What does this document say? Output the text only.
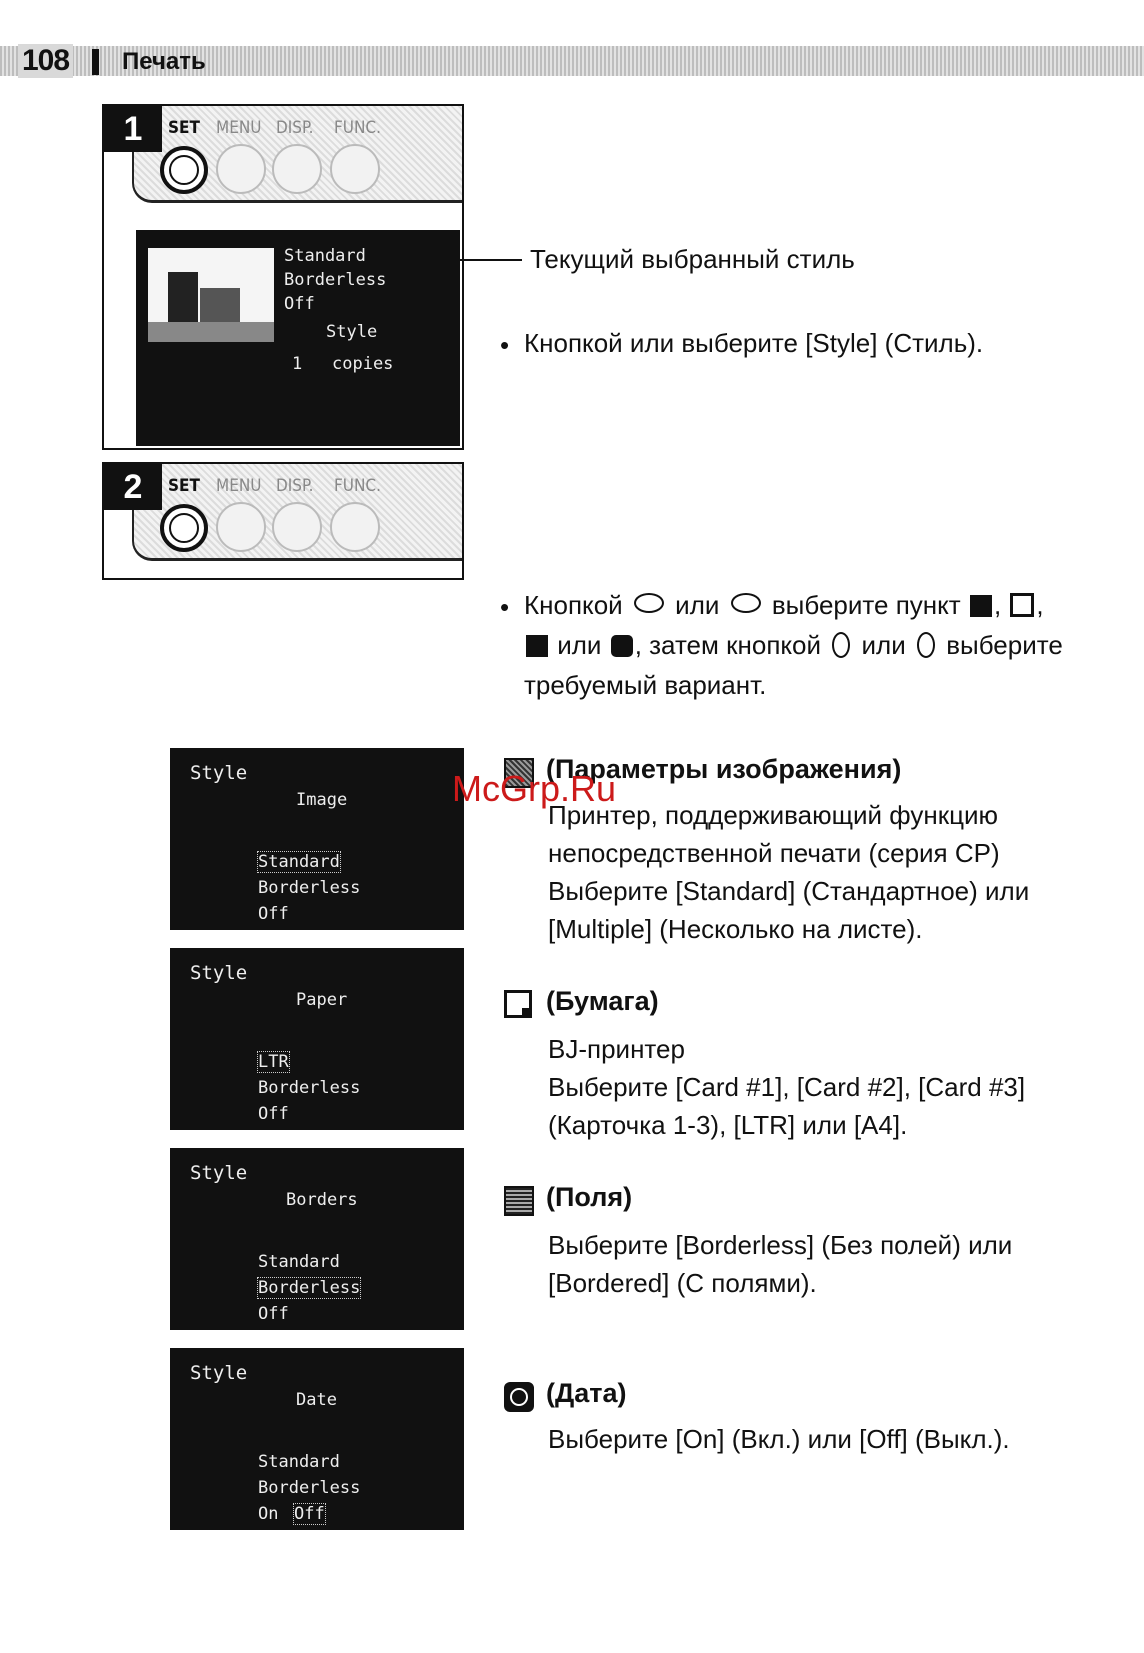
108 Печать
1	SET MENU DISP. FUNC.
Standard
Borderless
Off
Style
1 copies
Текущий выбранный стиль
• Кнопкой или выберите [Style] (Стиль).
2	SET MENU DISP. FUNC.
• Кнопкой или выберите пункт , ,
или , затем кнопкой или выберите
требуемый вариант.
Style
Image
Standard
Borderless
Off
Style
Paper
LTR
Borderless
Off
Style
Borders
Standard
Borderless
Off
Style
Date
Standard
Borderless
On Off
(Параметры изображения)
Принтер, поддерживающий функцию
непосредственной печати (серия CP)
Выберите [Standard] (Стандартное) или
[Multiple] (Несколько на листе).
McGrp.Ru
(Бумага)
BJ-принтер
Выберите [Card #1], [Card #2], [Card #3]
(Карточка 1-3), [LTR] или [A4].
(Поля)
Выберите [Borderless] (Без полей) или
[Bordered] (С полями).
(Дата)
Выберите [On] (Вкл.) или [Off] (Выкл.).
